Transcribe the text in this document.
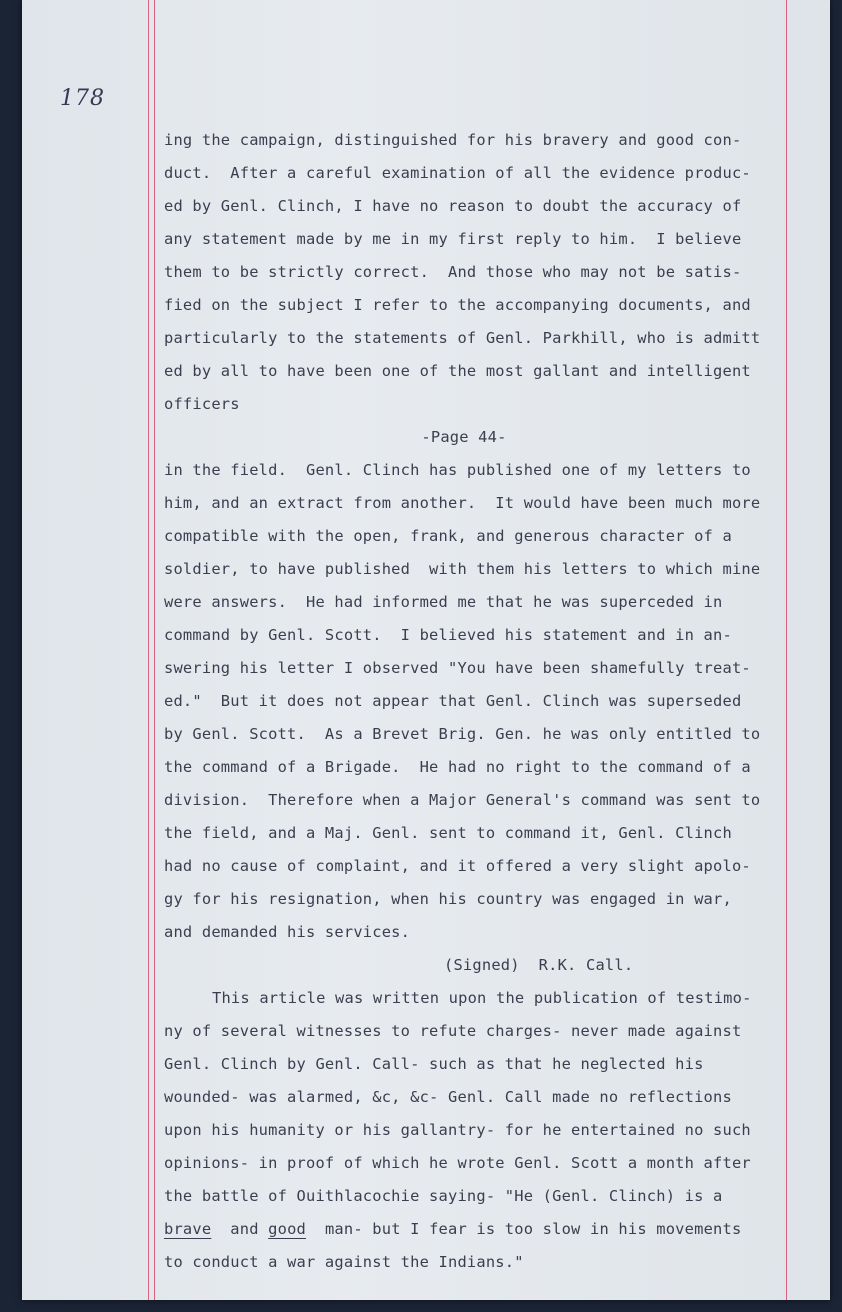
178
ing the campaign, distinguished for his bravery and good con-
duct.  After a careful examination of all the evidence produc-
ed by Genl. Clinch, I have no reason to doubt the accuracy of
any statement made by me in my first reply to him.  I believe
them to be strictly correct.  And those who may not be satis-
fied on the subject I refer to the accompanying documents, and
particularly to the statements of Genl. Parkhill, who is admitt
ed by all to have been one of the most gallant and intelligent
officers
-Page 44-
in the field.  Genl. Clinch has published one of my letters to
him, and an extract from another.  It would have been much more
compatible with the open, frank, and generous character of a
soldier, to have published  with them his letters to which mine
were answers.  He had informed me that he was superceded in
command by Genl. Scott.  I believed his statement and in an-
swering his letter I observed "You have been shamefully treat-
ed."  But it does not appear that Genl. Clinch was superseded
by Genl. Scott.  As a Brevet Brig. Gen. he was only entitled to
the command of a Brigade.  He had no right to the command of a
division.  Therefore when a Major General's command was sent to
the field, and a Maj. Genl. sent to command it, Genl. Clinch
had no cause of complaint, and it offered a very slight apolo-
gy for his resignation, when his country was engaged in war,
and demanded his services.
(Signed)  R.K. Call.
This article was written upon the publication of testimo-
ny of several witnesses to refute charges- never made against
Genl. Clinch by Genl. Call- such as that he neglected his
wounded- was alarmed, &c, &c- Genl. Call made no reflections
upon his humanity or his gallantry- for he entertained no such
opinions- in proof of which he wrote Genl. Scott a month after
the battle of Ouithlacochie saying- "He (Genl. Clinch) is a
brave  and good  man- but I fear is too slow in his movements
to conduct a war against the Indians."
